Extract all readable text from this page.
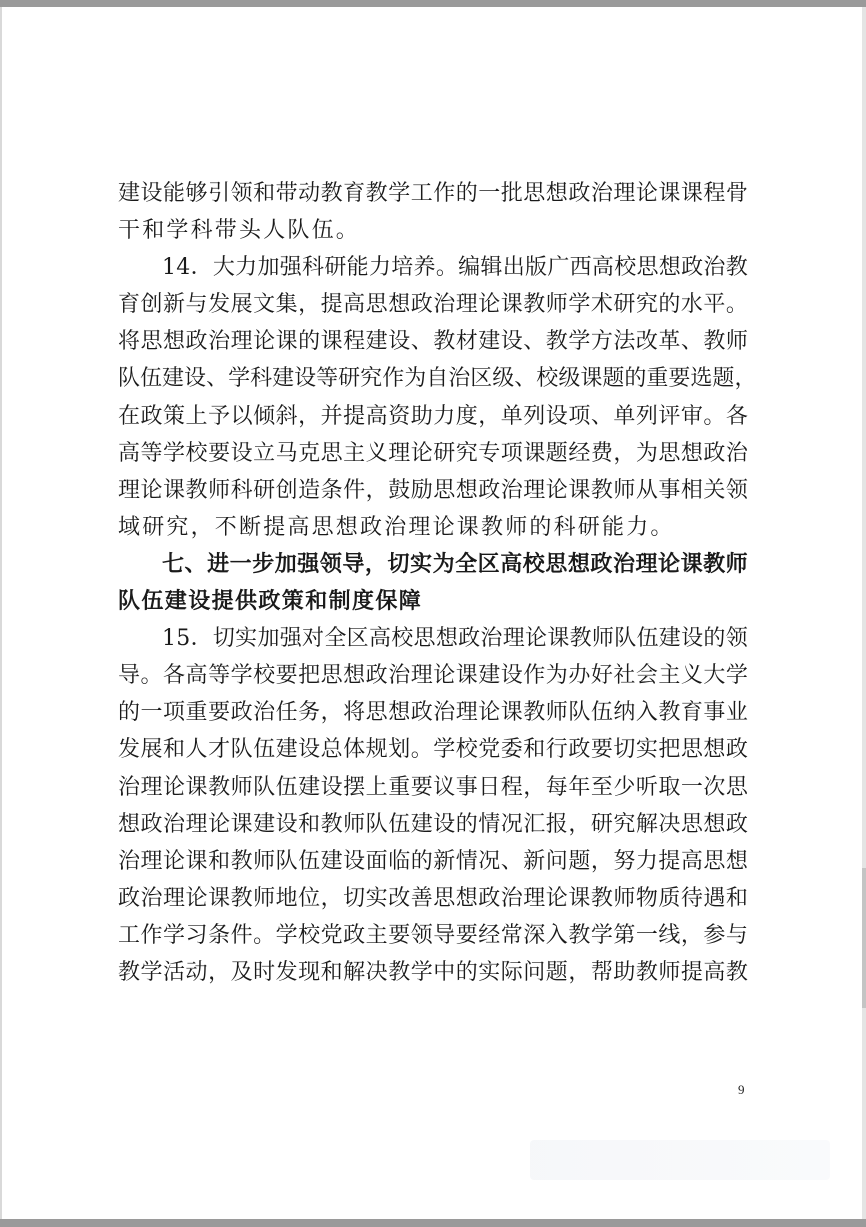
建 设 能 够 引 领 和 带 动 教 育 教 学 工 作 的 一 批 思 想 政 治 理 论 课 课 程 骨
干和学科带头人队伍。
1 4 ． 大 力 加 强 科 研 能 力 培 养 。 编 辑 出 版 广 西 高 校 思 想 政 治 教
育 创 新 与 发 展 文 集 ， 提 高 思 想 政 治 理 论 课 教 师 学 术 研 究 的 水 平 。
将 思 想 政 治 理 论 课 的 课 程 建 设 、 教 材 建 设 、 教 学 方 法 改 革 、 教 师
队 伍 建 设 、 学 科 建 设 等 研 究 作 为 自 治 区 级 、 校 级 课 题 的 重 要 选 题 ，
在 政 策 上 予 以 倾 斜 ， 并 提 高 资 助 力 度 ， 单 列 设 项 、 单 列 评 审 。 各
高 等 学 校 要 设 立 马 克 思 主 义 理 论 研 究 专 项 课 题 经 费 ， 为 思 想 政 治
理 论 课 教 师 科 研 创 造 条 件 ， 鼓 励 思 想 政 治 理 论 课 教 师 从 事 相 关 领
域研究，不断提高思想政治理论课教师的科研能力。
七 、 进 一 步 加 强 领 导 ， 切 实 为 全 区 高 校 思 想 政 治 理 论 课 教 师
队伍建设提供政策和制度保障
1 5 ． 切 实 加 强 对 全 区 高 校 思 想 政 治 理 论 课 教 师 队 伍 建 设 的 领
导 。 各 高 等 学 校 要 把 思 想 政 治 理 论 课 建 设 作 为 办 好 社 会 主 义 大 学
的 一 项 重 要 政 治 任 务 ， 将 思 想 政 治 理 论 课 教 师 队 伍 纳 入 教 育 事 业
发 展 和 人 才 队 伍 建 设 总 体 规 划 。 学 校 党 委 和 行 政 要 切 实 把 思 想 政
治 理 论 课 教 师 队 伍 建 设 摆 上 重 要 议 事 日 程 ， 每 年 至 少 听 取 一 次 思
想 政 治 理 论 课 建 设 和 教 师 队 伍 建 设 的 情 况 汇 报 ， 研 究 解 决 思 想 政
治 理 论 课 和 教 师 队 伍 建 设 面 临 的 新 情 况 、 新 问 题 ， 努 力 提 高 思 想
政 治 理 论 课 教 师 地 位 ， 切 实 改 善 思 想 政 治 理 论 课 教 师 物 质 待 遇 和
工 作 学 习 条 件 。 学 校 党 政 主 要 领 导 要 经 常 深 入 教 学 第 一 线 ， 参 与
教 学 活 动 ， 及 时 发 现 和 解 决 教 学 中 的 实 际 问 题 ， 帮 助 教 师 提 高 教
9
